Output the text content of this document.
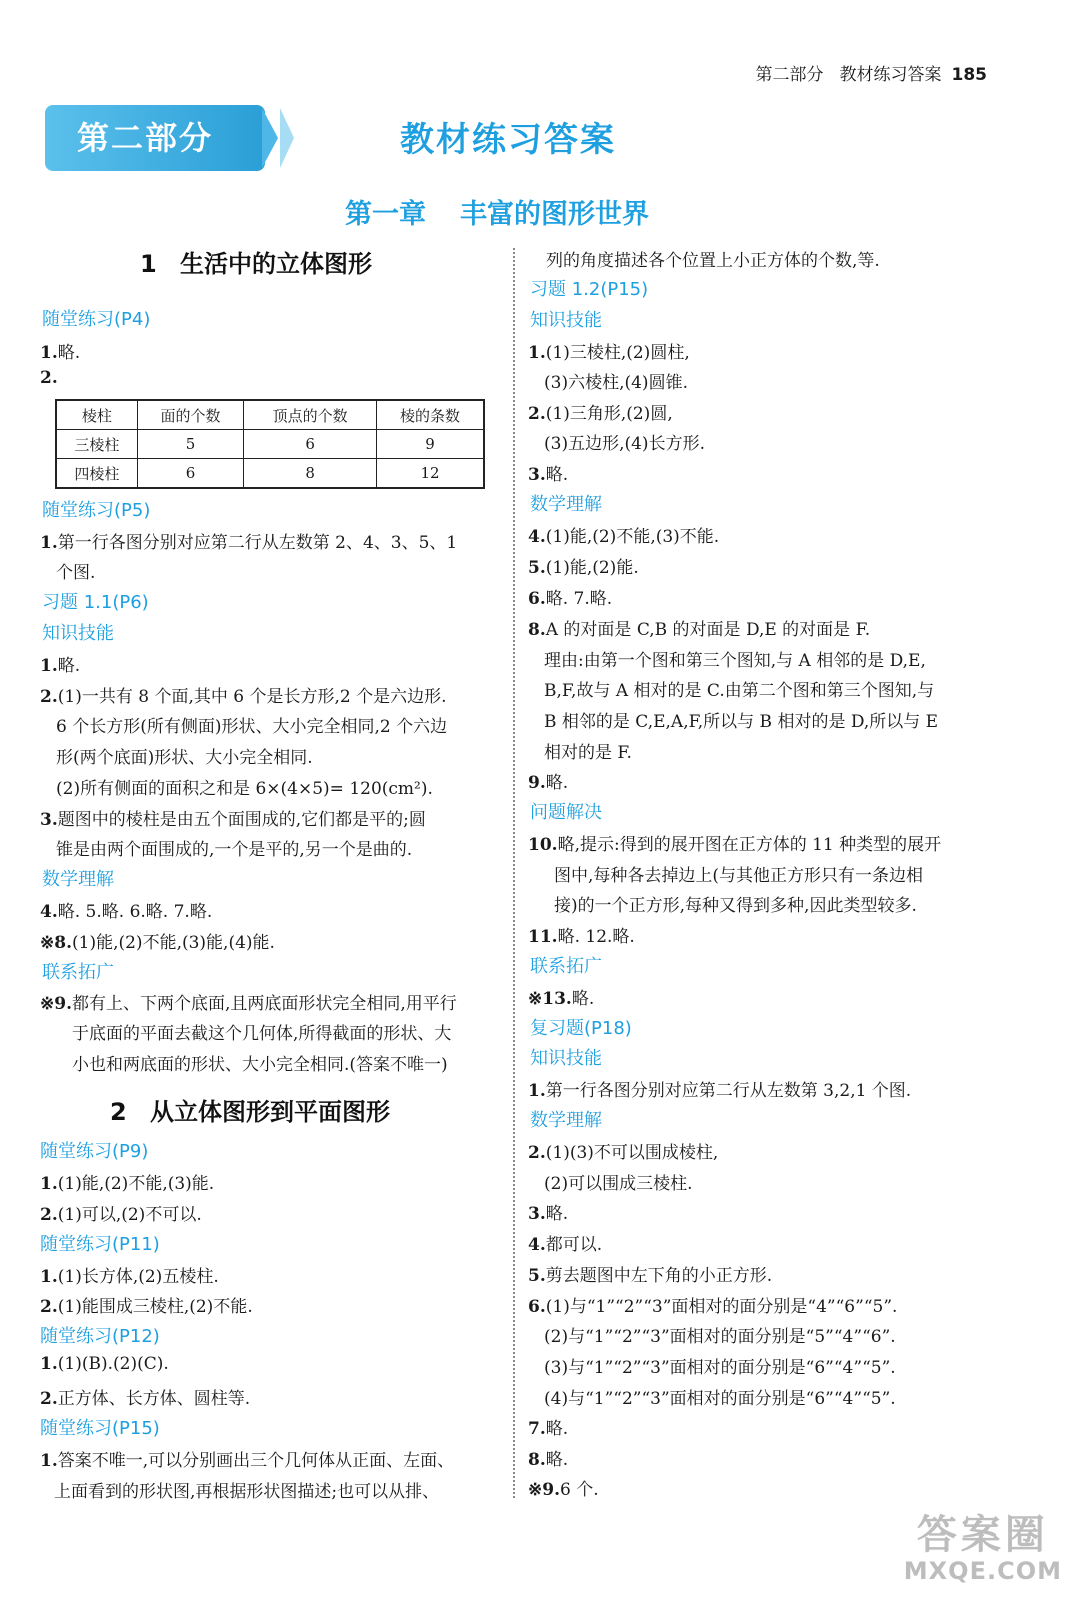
第二部分 教材练习答案 185
第二部分	教材练习答案
第一章 丰富的图形世界
1 生活中的立体图形
随堂练习(P4)
1.略.
2.
棱柱	面的个数	顶点的个数	棱的条数
三棱柱	5	6	9
四棱柱	6	8	12
随堂练习(P5)
1.第一行各图分别对应第二行从左数第 2、4、3、5、1
个图.
习题 1.1(P6)
知识技能
1.略.
2.(1)一共有 8 个面,其中 6 个是长方形,2 个是六边形.
6 个长方形(所有侧面)形状、大小完全相同,2 个六边
形(两个底面)形状、大小完全相同.
(2)所有侧面的面积之和是 6×(4×5)= 120(cm²).
3.题图中的棱柱是由五个面围成的,它们都是平的;圆
锥是由两个面围成的,一个是平的,另一个是曲的.
数学理解
4.略. 5.略. 6.略. 7.略.
※8.(1)能,(2)不能,(3)能,(4)能.
联系拓广
※9.都有上、下两个底面,且两底面形状完全相同,用平行
于底面的平面去截这个几何体,所得截面的形状、大
小也和两底面的形状、大小完全相同.(答案不唯一)
2 从立体图形到平面图形
随堂练习(P9)
1.(1)能,(2)不能,(3)能.
2.(1)可以,(2)不可以.
随堂练习(P11)
1.(1)长方体,(2)五棱柱.
2.(1)能围成三棱柱,(2)不能.
随堂练习(P12)
1.(1)(B).(2)(C).
2.正方体、长方体、圆柱等.
随堂练习(P15)
1.答案不唯一,可以分别画出三个几何体从正面、左面、
上面看到的形状图,再根据形状图描述;也可以从排、
列的角度描述各个位置上小正方体的个数,等.
习题 1.2(P15)
知识技能
1.(1)三棱柱,(2)圆柱,
(3)六棱柱,(4)圆锥.
2.(1)三角形,(2)圆,
(3)五边形,(4)长方形.
3.略.
数学理解
4.(1)能,(2)不能,(3)不能.
5.(1)能,(2)能.
6.略. 7.略.
8.A 的对面是 C,B 的对面是 D,E 的对面是 F.
理由:由第一个图和第三个图知,与 A 相邻的是 D,E,
B,F,故与 A 相对的是 C.由第二个图和第三个图知,与
B 相邻的是 C,E,A,F,所以与 B 相对的是 D,所以与 E
相对的是 F.
9.略.
问题解决
10.略,提示:得到的展开图在正方体的 11 种类型的展开
图中,每种各去掉边上(与其他正方形只有一条边相
接)的一个正方形,每种又得到多种,因此类型较多.
11.略. 12.略.
联系拓广
※13.略.
复习题(P18)
知识技能
1.第一行各图分别对应第二行从左数第 3,2,1 个图.
数学理解
2.(1)(3)不可以围成棱柱,
(2)可以围成三棱柱.
3.略.
4.都可以.
5.剪去题图中左下角的小正方形.
6.(1)与“1”“2”“3”面相对的面分别是“4”“6”“5”.
(2)与“1”“2”“3”面相对的面分别是“5”“4”“6”.
(3)与“1”“2”“3”面相对的面分别是“6”“4”“5”.
(4)与“1”“2”“3”面相对的面分别是“6”“4”“5”.
7.略.
8.略.
※9.6 个.
答案圈
MXQE.COM
